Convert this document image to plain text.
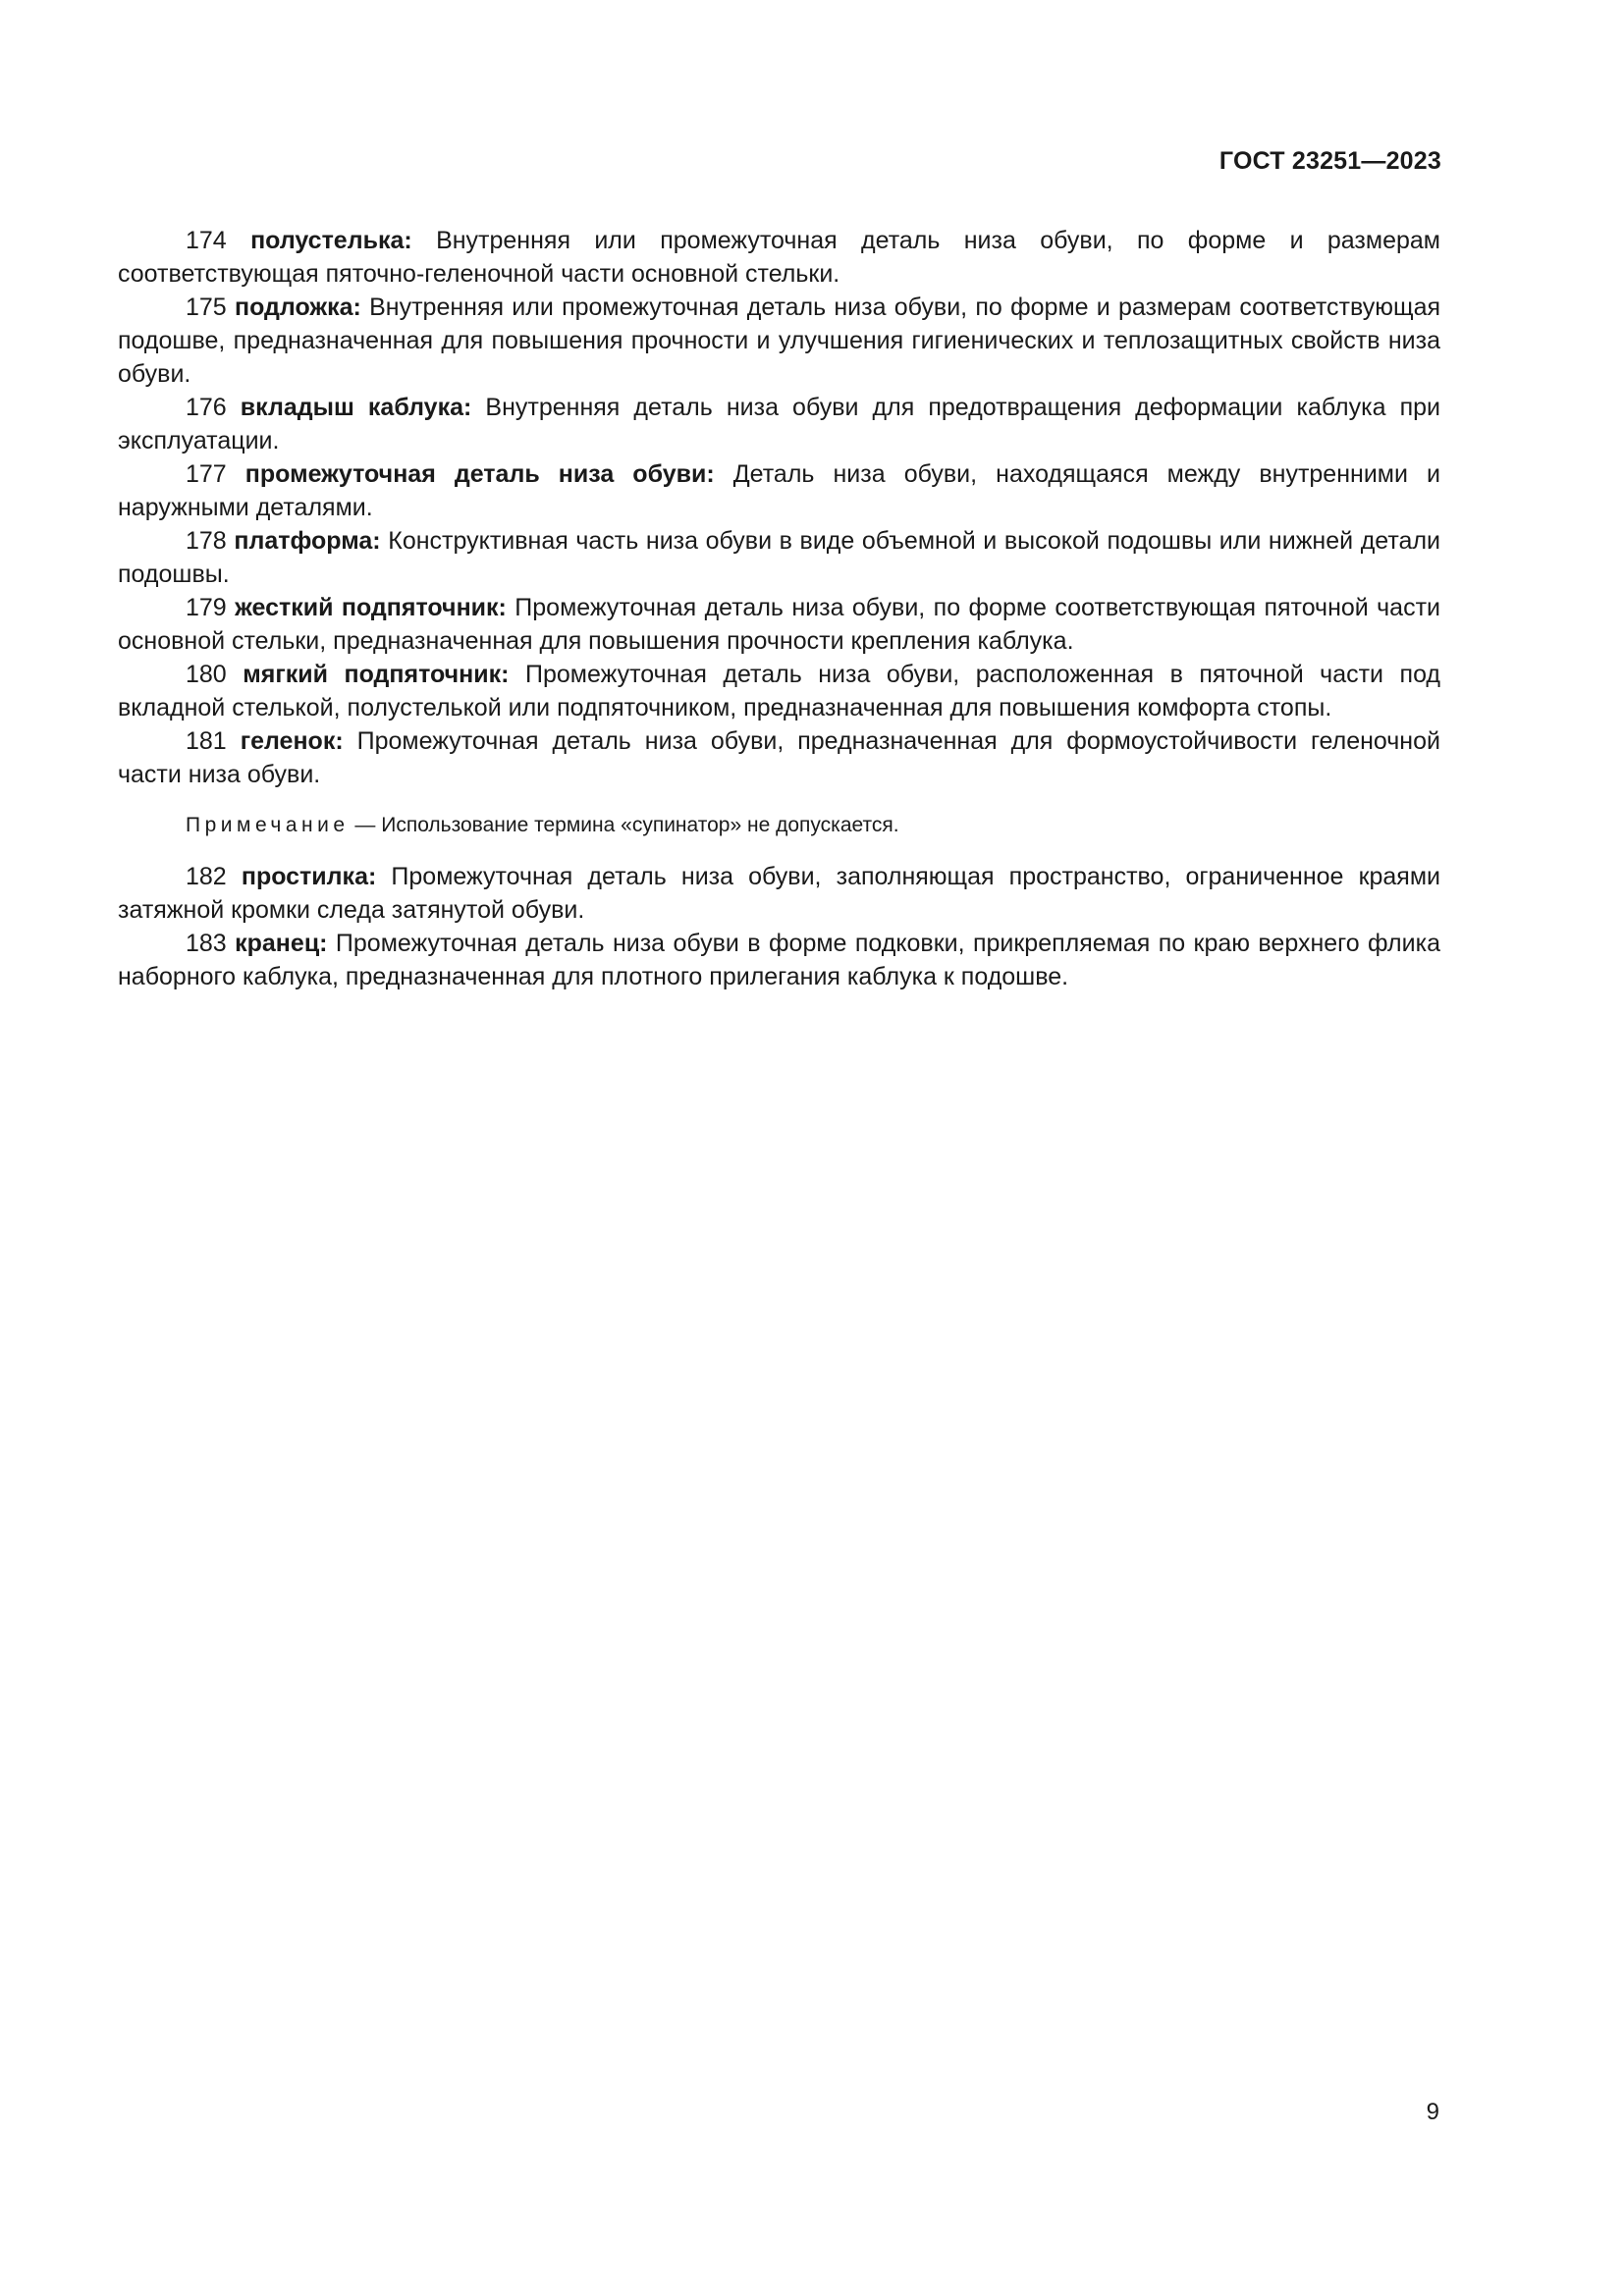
ГОСТ 23251—2023

174 полустелька: Внутренняя или промежуточная деталь низа обуви, по форме и размерам соответствующая пяточно-геленочной части основной стельки.

175 подложка: Внутренняя или промежуточная деталь низа обуви, по форме и размерам соответствующая подошве, предназначенная для повышения прочности и улучшения гигиенических и теплозащитных свойств низа обуви.

176 вкладыш каблука: Внутренняя деталь низа обуви для предотвращения деформации каблука при эксплуатации.

177 промежуточная деталь низа обуви: Деталь низа обуви, находящаяся между внутренними и наружными деталями.

178 платформа: Конструктивная часть низа обуви в виде объемной и высокой подошвы или нижней детали подошвы.

179 жесткий подпяточник: Промежуточная деталь низа обуви, по форме соответствующая пяточной части основной стельки, предназначенная для повышения прочности крепления каблука.

180 мягкий подпяточник: Промежуточная деталь низа обуви, расположенная в пяточной части под вкладной стелькой, полустелькой или подпяточником, предназначенная для повышения комфорта стопы.

181 геленок: Промежуточная деталь низа обуви, предназначенная для формоустойчивости геленочной части низа обуви.

Примечание — Использование термина «супинатор» не допускается.

182 простилка: Промежуточная деталь низа обуви, заполняющая пространство, ограниченное краями затяжной кромки следа затянутой обуви.

183 кранец: Промежуточная деталь низа обуви в форме подковки, прикрепляемая по краю верхнего флика наборного каблука, предназначенная для плотного прилегания каблука к подошве.

9
